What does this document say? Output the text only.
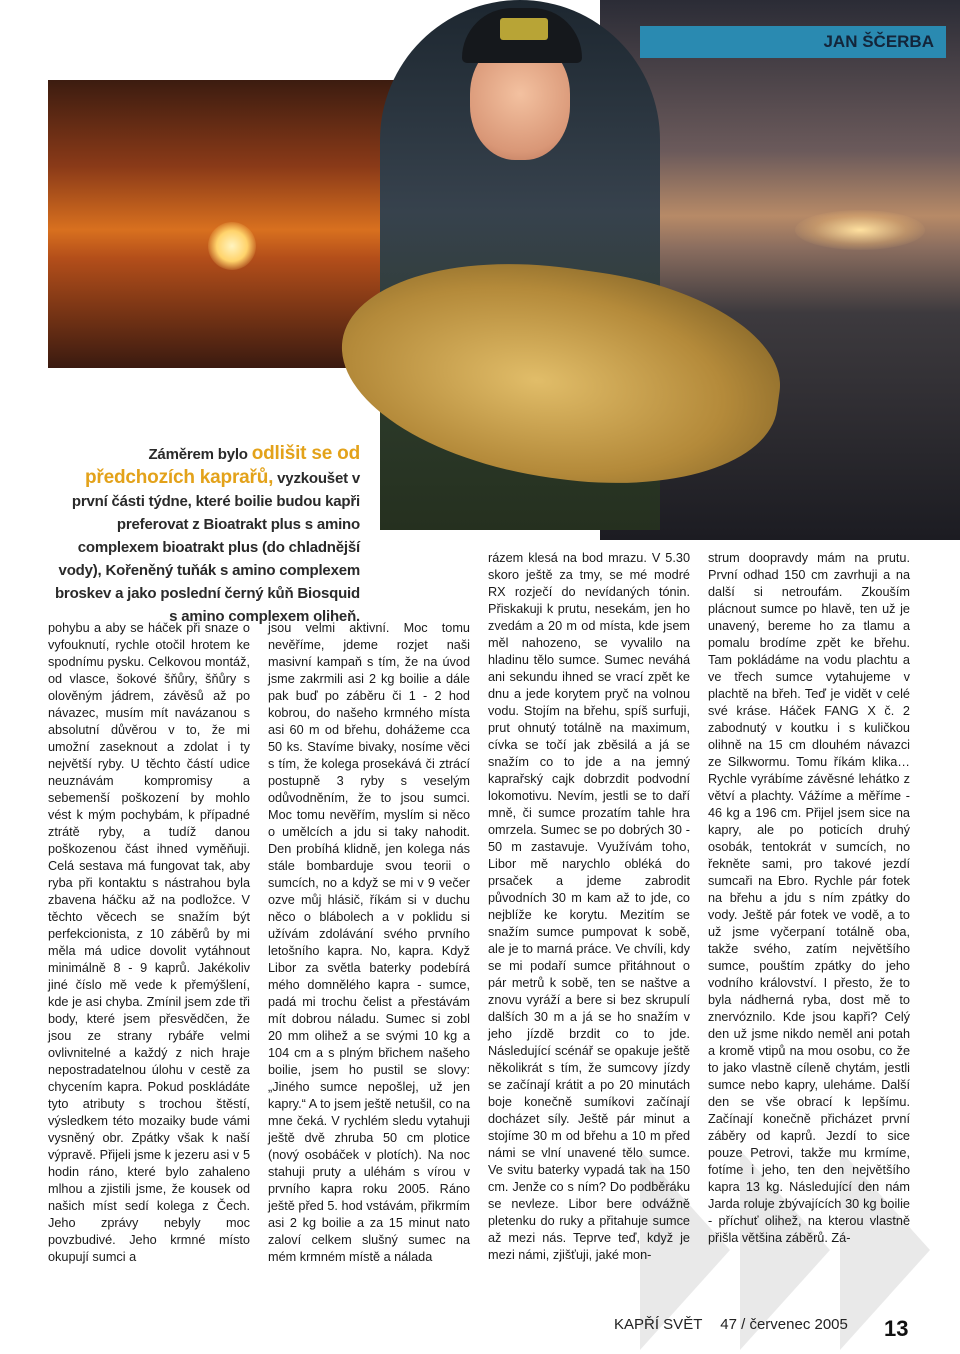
JAN ŠČERBA
Záměrem bylo odlišit se od předchozích kaprařů, vyzkoušet v první části týdne, které boilie budou kapři preferovat z Bioatrakt plus s amino complexem bioatrakt plus (do chladnější vody), Kořeněný tuňák s amino complexem broskev a jako poslední černý kůň Biosquid s amino complexem oliheň.

pohybu a aby se háček při snaze o vyfouknutí, rychle otočil hrotem ke spodnímu pysku. Celkovou montáž, od vlasce, šokové šňůry, šňůry s olověným jádrem, závěsů až po návazec, musím mít navázanou s absolutní důvěrou v to, že mi umožní zaseknout a zdolat i ty největší ryby. U těchto částí udice neuznávám kompromisy a sebemenší poškození by mohlo vést k mým pochybám, k případné ztrátě ryby, a tudíž danou poškozenou část ihned vyměňuji. Celá sestava má fungovat tak, aby ryba při kontaktu s nástrahou byla zbavena háčku až na podložce. V těchto věcech se snažím být perfekcionista, z 10 záběrů by mi měla má udice dovolit vytáhnout minimálně 8 - 9 kaprů. Jakékoliv jiné číslo mě vede k přemýšlení, kde je asi chyba. Zmínil jsem zde tři body, které jsem přesvědčen, že jsou ze strany rybáře velmi ovlivnitelné a každý z nich hraje nepostradatelnou úlohu v cestě za chycením kapra. Pokud poskládáte tyto atributy s trochou štěstí, výsledkem této mozaiky bude vámi vysněný obr. Zpátky však k naší výpravě. Přijeli jsme k jezeru asi v 5 hodin ráno, které bylo zahaleno mlhou a zjistili jsme, že kousek od našich míst sedí kolega z Čech. Jeho zprávy nebyly moc povzbudivé. Jeho krmné místo okupují sumci a

jsou velmi aktivní. Moc tomu nevěříme, jdeme rozjet naši masivní kampaň s tím, že na úvod jsme zakrmili asi 2 kg boilie a dále pak buď po záběru či 1 - 2 hod kobrou, do našeho krmného místa asi 60 m od břehu, dohážeme cca 50 ks. Stavíme bivaky, nosíme věci s tím, že kolega prosekává či ztrácí postupně 3 ryby s veselým odůvodněním, že to jsou sumci. Moc tomu nevěřím, myslím si něco o umělcích a jdu si taky nahodit. Den probíhá klidně, jen kolega nás stále bombarduje svou teorii o sumcích, no a když se mi v 9 večer ozve můj hlásič, říkám si v duchu něco o blábolech a v poklidu si užívám zdolávání svého prvního letošního kapra. No, kapra. Když Libor za světla baterky podebírá mého domnělého kapra - sumce, padá mi trochu čelist a přestávám mít dobrou náladu. Sumec si zobl 20 mm olihež a se svými 10 kg a 104 cm a s plným břichem našeho boilie, jsem ho pustil se slovy: „Jiného sumce nepošlej, už jen kapry.“ A to jsem ještě netušil, co na mne čeká. V rychlém sledu vytahuji ještě dvě zhruba 50 cm plotice (nový osobáček v plotích). Na noc stahuji pruty a uléhám s vírou v prvního kapra roku 2005. Ráno ještě před 5. hod vstávám, přikrmím asi 2 kg boilie a za 15 minut nato zaloví celkem slušný sumec na mém krmném místě a nálada

rázem klesá na bod mrazu. V 5.30 skoro ještě za tmy, se mé modré RX rozječí do nevídaných tónin. Přiskakuji k prutu, nesekám, jen ho zvedám a 20 m od místa, kde jsem měl nahozeno, se vyvalilo na hladinu tělo sumce. Sumec neváhá ani sekundu ihned se vrací zpět ke dnu a jede korytem pryč na volnou vodu. Stojím na břehu, spíš surfuji, prut ohnutý totálně na maximum, cívka se točí jak zběsilá a já se snažím co to jde a na jemný kaprařský cajk dobrzdit podvodní lokomotivu. Nevím, jestli se to daří mně, či sumce prozatím tahle hra omrzela. Sumec se po dobrých 30 - 50 m zastavuje. Využívám toho, Libor mě narychlo obléká do prsaček a jdeme zabrodit původních 30 m kam až to jde, co nejblíže ke korytu. Mezitím se snažím sumce pumpovat k sobě, ale je to marná práce. Ve chvíli, kdy se mi podaří sumce přitáhnout o pár metrů k sobě, ten se naštve a znovu vyráží a bere si bez skrupulí dalších 30 m a já se ho snažím v jeho jízdě brzdit co to jde. Následující scénář se opakuje ještě několikrát s tím, že sumcovy jízdy se začínají krátit a po 20 minutách boje konečně sumíkovi začínají docházet síly. Ještě pár minut a stojíme 30 m od břehu a 10 m před námi se vlní unavené tělo sumce. Ve svitu baterky vypadá tak na 150 cm. Jenže co s ním? Do podběráku se nevleze. Libor bere odvážně pletenku do ruky a přitahuje sumce až mezi nás. Teprve teď, když je mezi námi, zjišťuji, jaké mon-

strum doopravdy mám na prutu. První odhad 150 cm zavrhuji a na další si netroufám. Zkouším plácnout sumce po hlavě, ten už je unavený, bereme ho za tlamu a pomalu brodíme zpět ke břehu. Tam pokládáme na vodu plachtu a ve třech sumce vytahujeme v plachtě na břeh. Teď je vidět v celé své kráse. Háček FANG X č. 2 zabodnutý v koutku i s kuličkou olihně na 15 cm dlouhém návazci ze Silkwormu. Tomu říkám klika… Rychle vyrábíme závěsné lehátko z větví a plachty. Vážíme a měříme - 46 kg a 196 cm. Přijel jsem sice na kapry, ale po poticích druhý osobák, tentokrát v sumcích, no řekněte sami, pro takové jezdí sumcaři na Ebro. Rychle pár fotek na břehu a jdu s ním zpátky do vody. Ještě pár fotek ve vodě, a to už jsme vyčerpaní totálně oba, takže svého, zatím největšího sumce, pouštím zpátky do jeho vodního království. I přesto, že to byla nádherná ryba, dost mě to znervóznilo. Kde jsou kapři? Celý den už jsme nikdo neměl ani potah a kromě vtipů na mou osobu, co že to jako vlastně cíleně chytám, jestli sumce nebo kapry, uleháme. Další den se vše obrací k lepšímu. Začínají konečně přicházet první záběry od kaprů. Jezdí to sice pouze Petrovi, takže mu krmíme, fotíme i jeho, ten den největšího kapra 13 kg. Následující den nám Jarda roluje zbývajících 30 kg boilie - příchuť olihež, na kterou vlastně přišla většina záběrů. Zá-

KAPŘÍ SVĚT 47 / červenec 2005 13
